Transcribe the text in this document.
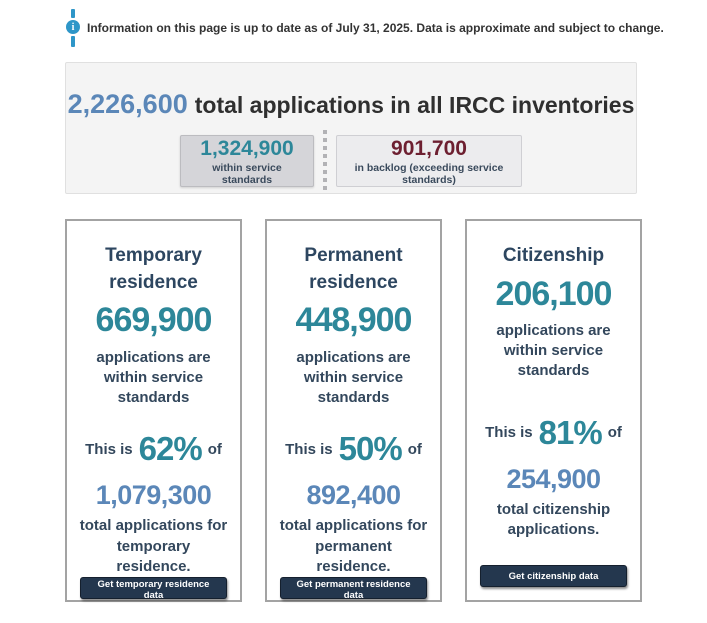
i	Information on this page is up to date as of July 31, 2025. Data is approximate and subject to change.

2,226,600 total applications in all IRCC inventories
1,324,900
within service standards
901,700
in backlog (exceeding service standards)
Temporary residence
669,900

applications are within service standards

This is 62% of
1,079,300

total applications for temporary residence.

Get temporary residence data
Permanent residence
448,900

applications are within service standards

This is 50% of
892,400

total applications for permanent residence.

Get permanent residence data
Citizenship
206,100

applications are within service standards

This is 81% of
254,900

total citizenship applications.

Get citizenship data
